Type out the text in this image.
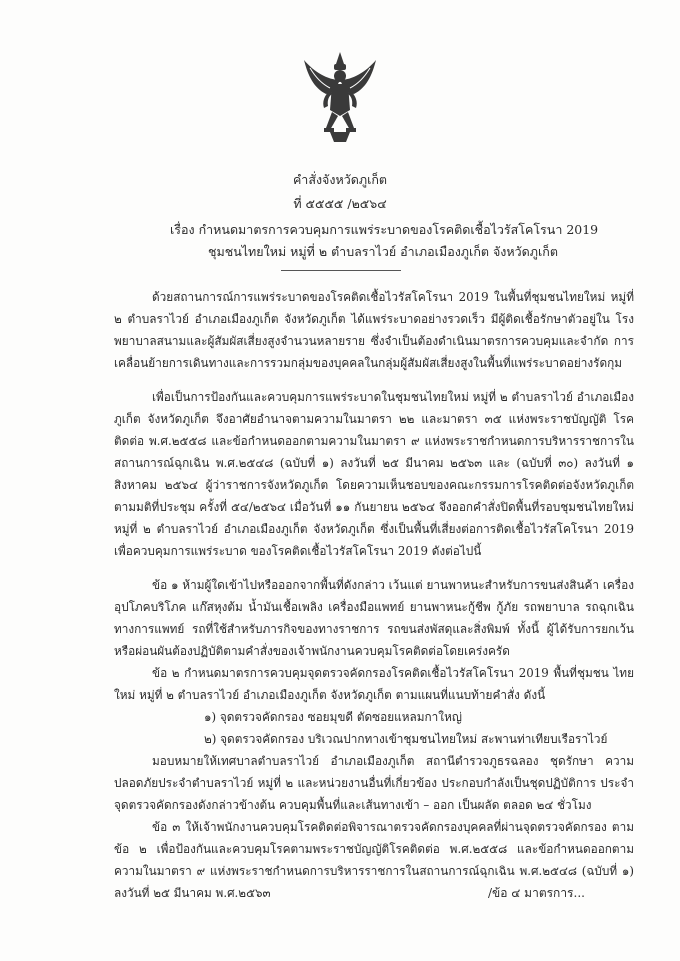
คำสั่งจังหวัดภูเก็ต
ที่ ๕๕๕๕ /๒๕๖๔
เรื่อง กำหนดมาตรการควบคุมการแพร่ระบาดของโรคติดเชื้อไวรัสโคโรนา 2019
ชุมชนไทยใหม่ หมู่ที่ ๒ ตำบลราไวย์ อำเภอเมืองภูเก็ต จังหวัดภูเก็ต

ด้วยสถานการณ์การแพร่ระบาดของโรคติดเชื้อไวรัสโคโรนา 2019 ในพื้นที่ชุมชนไทยใหม่ หมู่ที่ ๒ ตำบลราไวย์ อำเภอเมืองภูเก็ต จังหวัดภูเก็ต ได้แพร่ระบาดอย่างรวดเร็ว มีผู้ติดเชื้อรักษาตัวอยู่ใน โรงพยาบาลสนามและผู้สัมผัสเสี่ยงสูงจำนวนหลายราย ซึ่งจำเป็นต้องดำเนินมาตรการควบคุมและจำกัด การเคลื่อนย้ายการเดินทางและการรวมกลุ่มของบุคคลในกลุ่มผู้สัมผัสเสี่ยงสูงในพื้นที่แพร่ระบาดอย่างรัดกุม

เพื่อเป็นการป้องกันและควบคุมการแพร่ระบาดในชุมชนไทยใหม่ หมู่ที่ ๒ ตำบลราไวย์ อำเภอเมืองภูเก็ต จังหวัดภูเก็ต จึงอาศัยอำนาจตามความในมาตรา ๒๒ และมาตรา ๓๕ แห่งพระราชบัญญัติ โรคติดต่อ พ.ศ.๒๕๕๘ และข้อกำหนดออกตามความในมาตรา ๙ แห่งพระราชกำหนดการบริหารราชการใน สถานการณ์ฉุกเฉิน พ.ศ.๒๕๔๘ (ฉบับที่ ๑) ลงวันที่ ๒๕ มีนาคม ๒๕๖๓ และ (ฉบับที่ ๓๐) ลงวันที่ ๑ สิงหาคม ๒๕๖๔ ผู้ว่าราชการจังหวัดภูเก็ต โดยความเห็นชอบของคณะกรรมการโรคติดต่อจังหวัดภูเก็ต ตามมติที่ประชุม ครั้งที่ ๕๔/๒๕๖๔ เมื่อวันที่ ๑๑ กันยายน ๒๕๖๔ จึงออกคำสั่งปิดพื้นที่รอบชุมชนไทยใหม่ หมู่ที่ ๒ ตำบลราไวย์ อำเภอเมืองภูเก็ต จังหวัดภูเก็ต ซึ่งเป็นพื้นที่เสี่ยงต่อการติดเชื้อไวรัสโคโรนา 2019 เพื่อควบคุมการแพร่ระบาด ของโรคติดเชื้อไวรัสโคโรนา 2019 ดังต่อไปนี้

ข้อ ๑ ห้ามผู้ใดเข้าไปหรือออกจากพื้นที่ดังกล่าว เว้นแต่ ยานพาหนะสำหรับการขนส่งสินค้า เครื่องอุปโภคบริโภค แก๊สหุงต้ม น้ำมันเชื้อเพลิง เครื่องมือแพทย์ ยานพาหนะกู้ชีพ กู้ภัย รถพยาบาล รถฉุกเฉิน ทางการแพทย์ รถที่ใช้สำหรับภารกิจของทางราชการ รถขนส่งพัสดุและสิ่งพิมพ์ ทั้งนี้ ผู้ได้รับการยกเว้น หรือผ่อนผันต้องปฏิบัติตามคำสั่งของเจ้าพนักงานควบคุมโรคติดต่อโดยเคร่งครัด

ข้อ ๒ กำหนดมาตรการควบคุมจุดตรวจคัดกรองโรคติดเชื้อไวรัสโคโรนา 2019 พื้นที่ชุมชน ไทยใหม่ หมู่ที่ ๒ ตำบลราไวย์ อำเภอเมืองภูเก็ต จังหวัดภูเก็ต ตามแผนที่แนบท้ายคำสั่ง ดังนี้

๑) จุดตรวจคัดกรอง ซอยมุขดี ตัดซอยแหลมกาใหญ่

๒) จุดตรวจคัดกรอง บริเวณปากทางเข้าชุมชนไทยใหม่ สะพานท่าเทียบเรือราไวย์

มอบหมายให้เทศบาลตำบลราไวย์ อำเภอเมืองภูเก็ต สถานีตำรวจภูธรฉลอง ชุดรักษา ความปลอดภัยประจำตำบลราไวย์ หมู่ที่ ๒ และหน่วยงานอื่นที่เกี่ยวข้อง ประกอบกำลังเป็นชุดปฏิบัติการ ประจำจุดตรวจคัดกรองดังกล่าวข้างต้น ควบคุมพื้นที่และเส้นทางเข้า – ออก เป็นผลัด ตลอด ๒๔ ชั่วโมง

ข้อ ๓ ให้เจ้าพนักงานควบคุมโรคติดต่อพิจารณาตรวจคัดกรองบุคคลที่ผ่านจุดตรวจคัดกรอง ตามข้อ ๒ เพื่อป้องกันและควบคุมโรคตามพระราชบัญญัติโรคติดต่อ พ.ศ.๒๕๕๘ และข้อกำหนดออกตาม ความในมาตรา ๙ แห่งพระราชกำหนดการบริหารราชการในสถานการณ์ฉุกเฉิน พ.ศ.๒๕๔๘ (ฉบับที่ ๑) ลงวันที่ ๒๕ มีนาคม พ.ศ.๒๕๖๓	/ข้อ ๔ มาตรการ...
